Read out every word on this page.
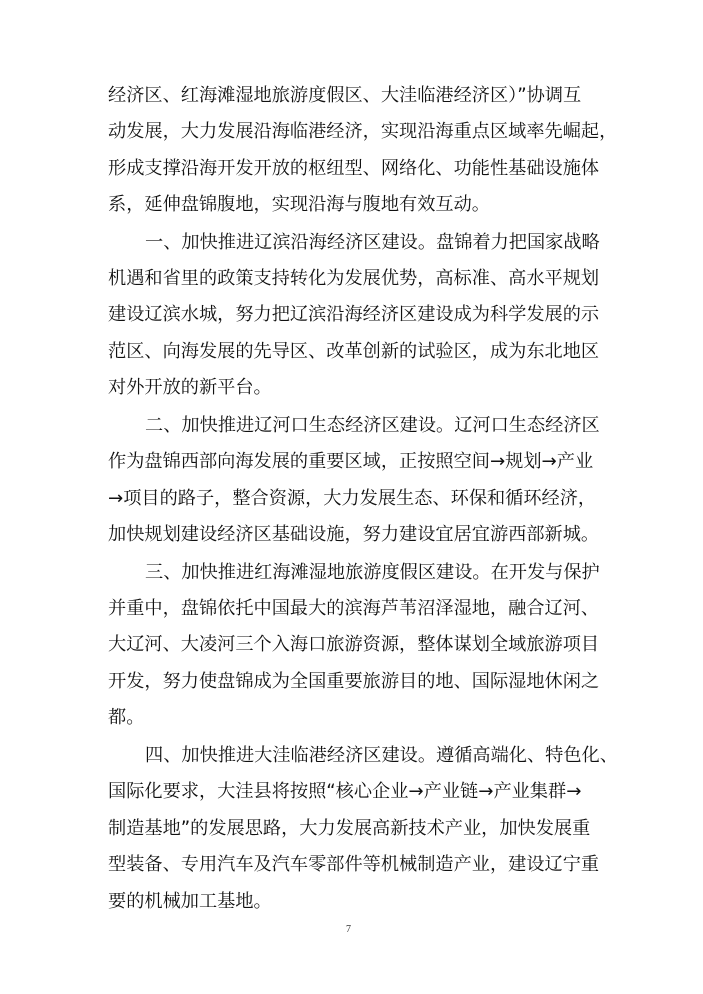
经济区、红海滩湿地旅游度假区、大洼临港经济区）”协调互
动发展，大力发展沿海临港经济，实现沿海重点区域率先崛起，
形成支撑沿海开发开放的枢纽型、网络化、功能性基础设施体
系，延伸盘锦腹地，实现沿海与腹地有效互动。
一、加快推进辽滨沿海经济区建设。盘锦着力把国家战略
机遇和省里的政策支持转化为发展优势，高标准、高水平规划
建设辽滨水城，努力把辽滨沿海经济区建设成为科学发展的示
范区、向海发展的先导区、改革创新的试验区，成为东北地区
对外开放的新平台。
二、加快推进辽河口生态经济区建设。辽河口生态经济区
作为盘锦西部向海发展的重要区域，正按照空间→规划→产业
→项目的路子，整合资源，大力发展生态、环保和循环经济，
加快规划建设经济区基础设施，努力建设宜居宜游西部新城。
三、加快推进红海滩湿地旅游度假区建设。在开发与保护
并重中，盘锦依托中国最大的滨海芦苇沼泽湿地，融合辽河、
大辽河、大凌河三个入海口旅游资源，整体谋划全域旅游项目
开发，努力使盘锦成为全国重要旅游目的地、国际湿地休闲之
都。
四、加快推进大洼临港经济区建设。遵循高端化、特色化、
国际化要求，大洼县将按照“核心企业→产业链→产业集群→
制造基地”的发展思路，大力发展高新技术产业，加快发展重
型装备、专用汽车及汽车零部件等机械制造产业，建设辽宁重
要的机械加工基地。
7
